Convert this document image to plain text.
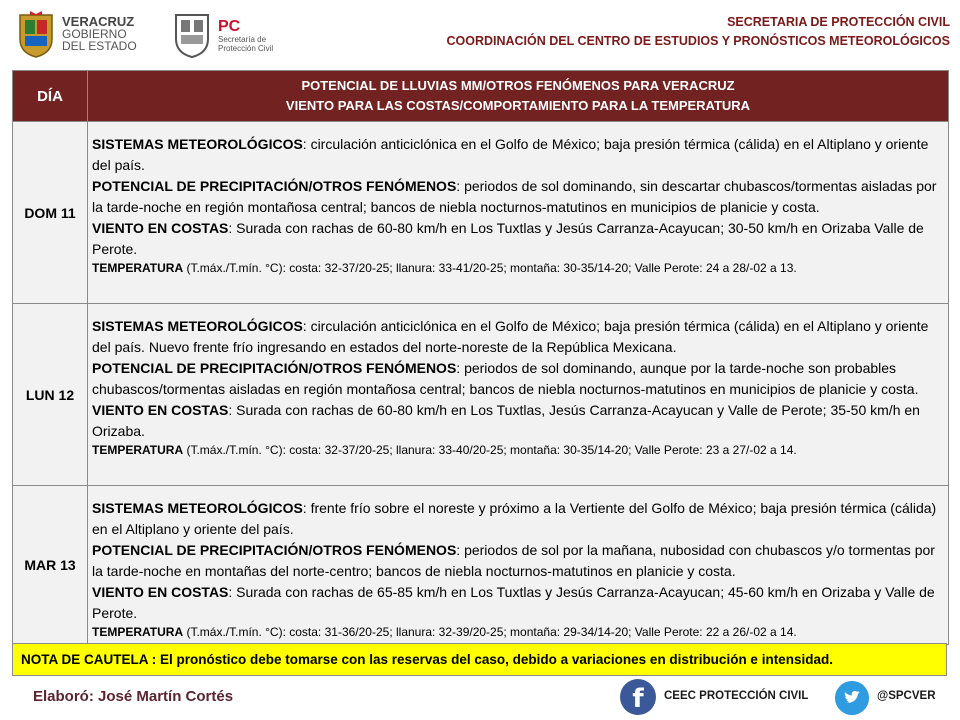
VERACRUZ
GOBIERNO
DEL ESTADO
PC
Secretaría de
Protección Civil
SECRETARIA DE PROTECCIÓN CIVIL
COORDINACIÓN DEL CENTRO DE ESTUDIOS Y PRONÓSTICOS METEOROLÓGICOS
DÍA	POTENCIAL DE LLUVIAS MM/OTROS FENÓMENOS PARA VERACRUZ
VIENTO PARA LAS COSTAS/COMPORTAMIENTO PARA LA TEMPERATURA

DOM 11	SISTEMAS METEOROLÓGICOS: circulación anticiclónica en el Golfo de México; baja presión térmica (cálida) en el Altiplano y oriente del país.
POTENCIAL DE PRECIPITACIÓN/OTROS FENÓMENOS: periodos de sol dominando, sin descartar chubascos/tormentas aisladas por la tarde-noche en región montañosa central; bancos de niebla nocturnos-matutinos en municipios de planicie y costa.
VIENTO EN COSTAS: Surada con rachas de 60-80 km/h en Los Tuxtlas y Jesús Carranza-Acayucan; 30-50 km/h en Orizaba Valle de Perote.
TEMPERATURA (T.máx./T.mín. °C): costa: 32-37/20-25; llanura: 33-41/20-25; montaña: 30-35/14-20; Valle Perote: 24 a 28/-02 a 13.

LUN 12	SISTEMAS METEOROLÓGICOS: circulación anticiclónica en el Golfo de México; baja presión térmica (cálida) en el Altiplano y oriente del país. Nuevo frente frío ingresando en estados del norte-noreste de la República Mexicana.
POTENCIAL DE PRECIPITACIÓN/OTROS FENÓMENOS: periodos de sol dominando, aunque por la tarde-noche son probables chubascos/tormentas aisladas en región montañosa central; bancos de niebla nocturnos-matutinos en municipios de planicie y costa.
VIENTO EN COSTAS: Surada con rachas de 60-80 km/h en Los Tuxtlas, Jesús Carranza-Acayucan y Valle de Perote; 35-50 km/h en Orizaba.
TEMPERATURA (T.máx./T.mín. °C): costa: 32-37/20-25; llanura: 33-40/20-25; montaña: 30-35/14-20; Valle Perote: 23 a 27/-02 a 14.

MAR 13	SISTEMAS METEOROLÓGICOS: frente frío sobre el noreste y próximo a la Vertiente del Golfo de México; baja presión térmica (cálida) en el Altiplano y oriente del país.
POTENCIAL DE PRECIPITACIÓN/OTROS FENÓMENOS: periodos de sol por la mañana, nubosidad con chubascos y/o tormentas por la tarde-noche en montañas del norte-centro; bancos de niebla nocturnos-matutinos en planicie y costa.
VIENTO EN COSTAS: Surada con rachas de 65-85 km/h en Los Tuxtlas y Jesús Carranza-Acayucan; 45-60 km/h en Orizaba y Valle de Perote.
TEMPERATURA (T.máx./T.mín. °C): costa: 31-36/20-25; llanura: 32-39/20-25; montaña: 29-34/14-20; Valle Perote: 22 a 26/-02 a 14.
NOTA DE CAUTELA : El pronóstico debe tomarse con las reservas del caso, debido a variaciones en distribución e intensidad.
Elaboró: José Martín Cortés	f	CEEC PROTECCIÓN CIVIL	@SPCVER
